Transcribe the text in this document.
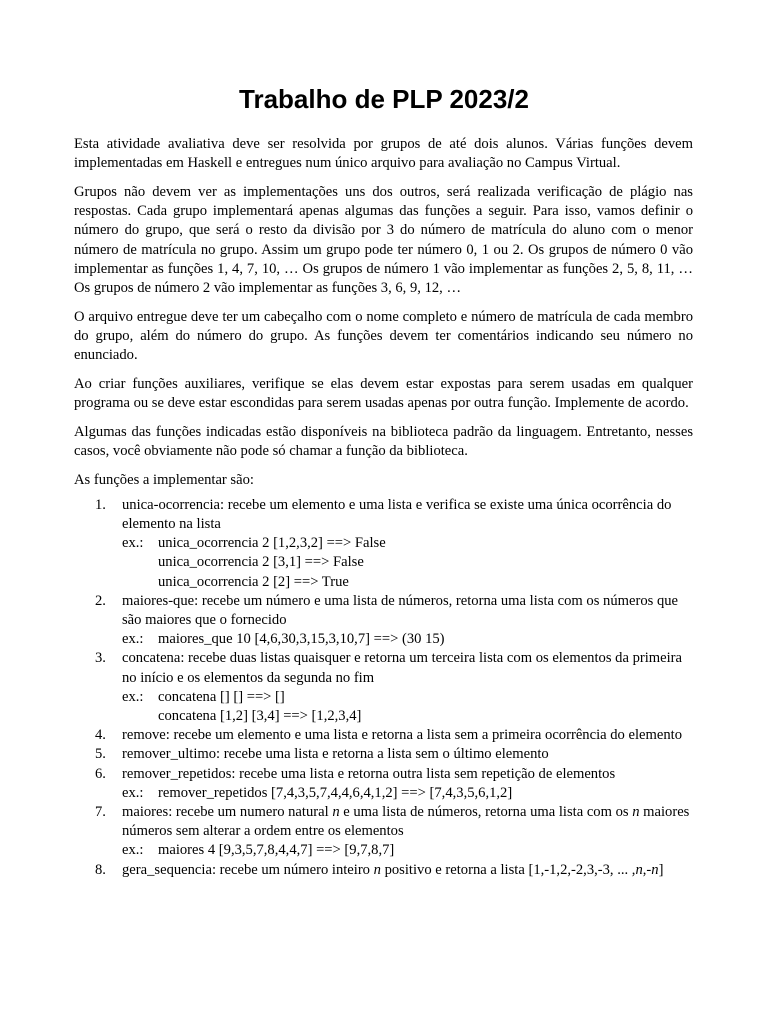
Trabalho de PLP 2023/2

Esta atividade avaliativa deve ser resolvida por grupos de até dois alunos. Várias funções devem implementadas em Haskell e entregues num único arquivo para avaliação no Campus Virtual.

Grupos não devem ver as implementações uns dos outros, será realizada verificação de plágio nas respostas. Cada grupo implementará apenas algumas das funções a seguir. Para isso, vamos definir o número do grupo, que será o resto da divisão por 3 do número de matrícula do aluno com o menor número de matrícula no grupo. Assim um grupo pode ter número 0, 1 ou 2. Os grupos de número 0 vão implementar as funções 1, 4, 7, 10, … Os grupos de número 1 vão implementar as funções 2, 5, 8, 11, … Os grupos de número 2 vão implementar as funções 3, 6, 9, 12, …

O arquivo entregue deve ter um cabeçalho com o nome completo e número de matrícula de cada membro do grupo, além do número do grupo. As funções devem ter comentários indicando seu número no enunciado.

Ao criar funções auxiliares, verifique se elas devem estar expostas para serem usadas em qualquer programa ou se deve estar escondidas para serem usadas apenas por outra função. Implemente de acordo.

Algumas das funções indicadas estão disponíveis na biblioteca padrão da linguagem. Entretanto, nesses casos, você obviamente não pode só chamar a função da biblioteca.

As funções a implementar são:

1. unica-ocorrencia: recebe um elemento e uma lista e verifica se existe uma única ocorrência do elemento na lista
ex.: unica_ocorrencia 2 [1,2,3,2] ==> False
unica_ocorrencia 2 [3,1] ==> False
unica_ocorrencia 2 [2] ==> True
2. maiores-que: recebe um número e uma lista de números, retorna uma lista com os números que são maiores que o fornecido
ex.: maiores_que 10 [4,6,30,3,15,3,10,7] ==> (30 15)
3. concatena: recebe duas listas quaisquer e retorna um terceira lista com os elementos da primeira no início e os elementos da segunda no fim
ex.: concatena [] [] ==> []
concatena [1,2] [3,4] ==> [1,2,3,4]
4. remove: recebe um elemento e uma lista e retorna a lista sem a primeira ocorrência do elemento
5. remover_ultimo: recebe uma lista e retorna a lista sem o último elemento
6. remover_repetidos: recebe uma lista e retorna outra lista sem repetição de elementos
ex.: remover_repetidos [7,4,3,5,7,4,4,6,4,1,2] ==> [7,4,3,5,6,1,2]
7. maiores: recebe um numero natural n e uma lista de números, retorna uma lista com os n maiores números sem alterar a ordem entre os elementos
ex.: maiores 4 [9,3,5,7,8,4,4,7] ==> [9,7,8,7]
8. gera_sequencia: recebe um número inteiro n positivo e retorna a lista [1,-1,2,-2,3,-3, ... ,n,-n]
